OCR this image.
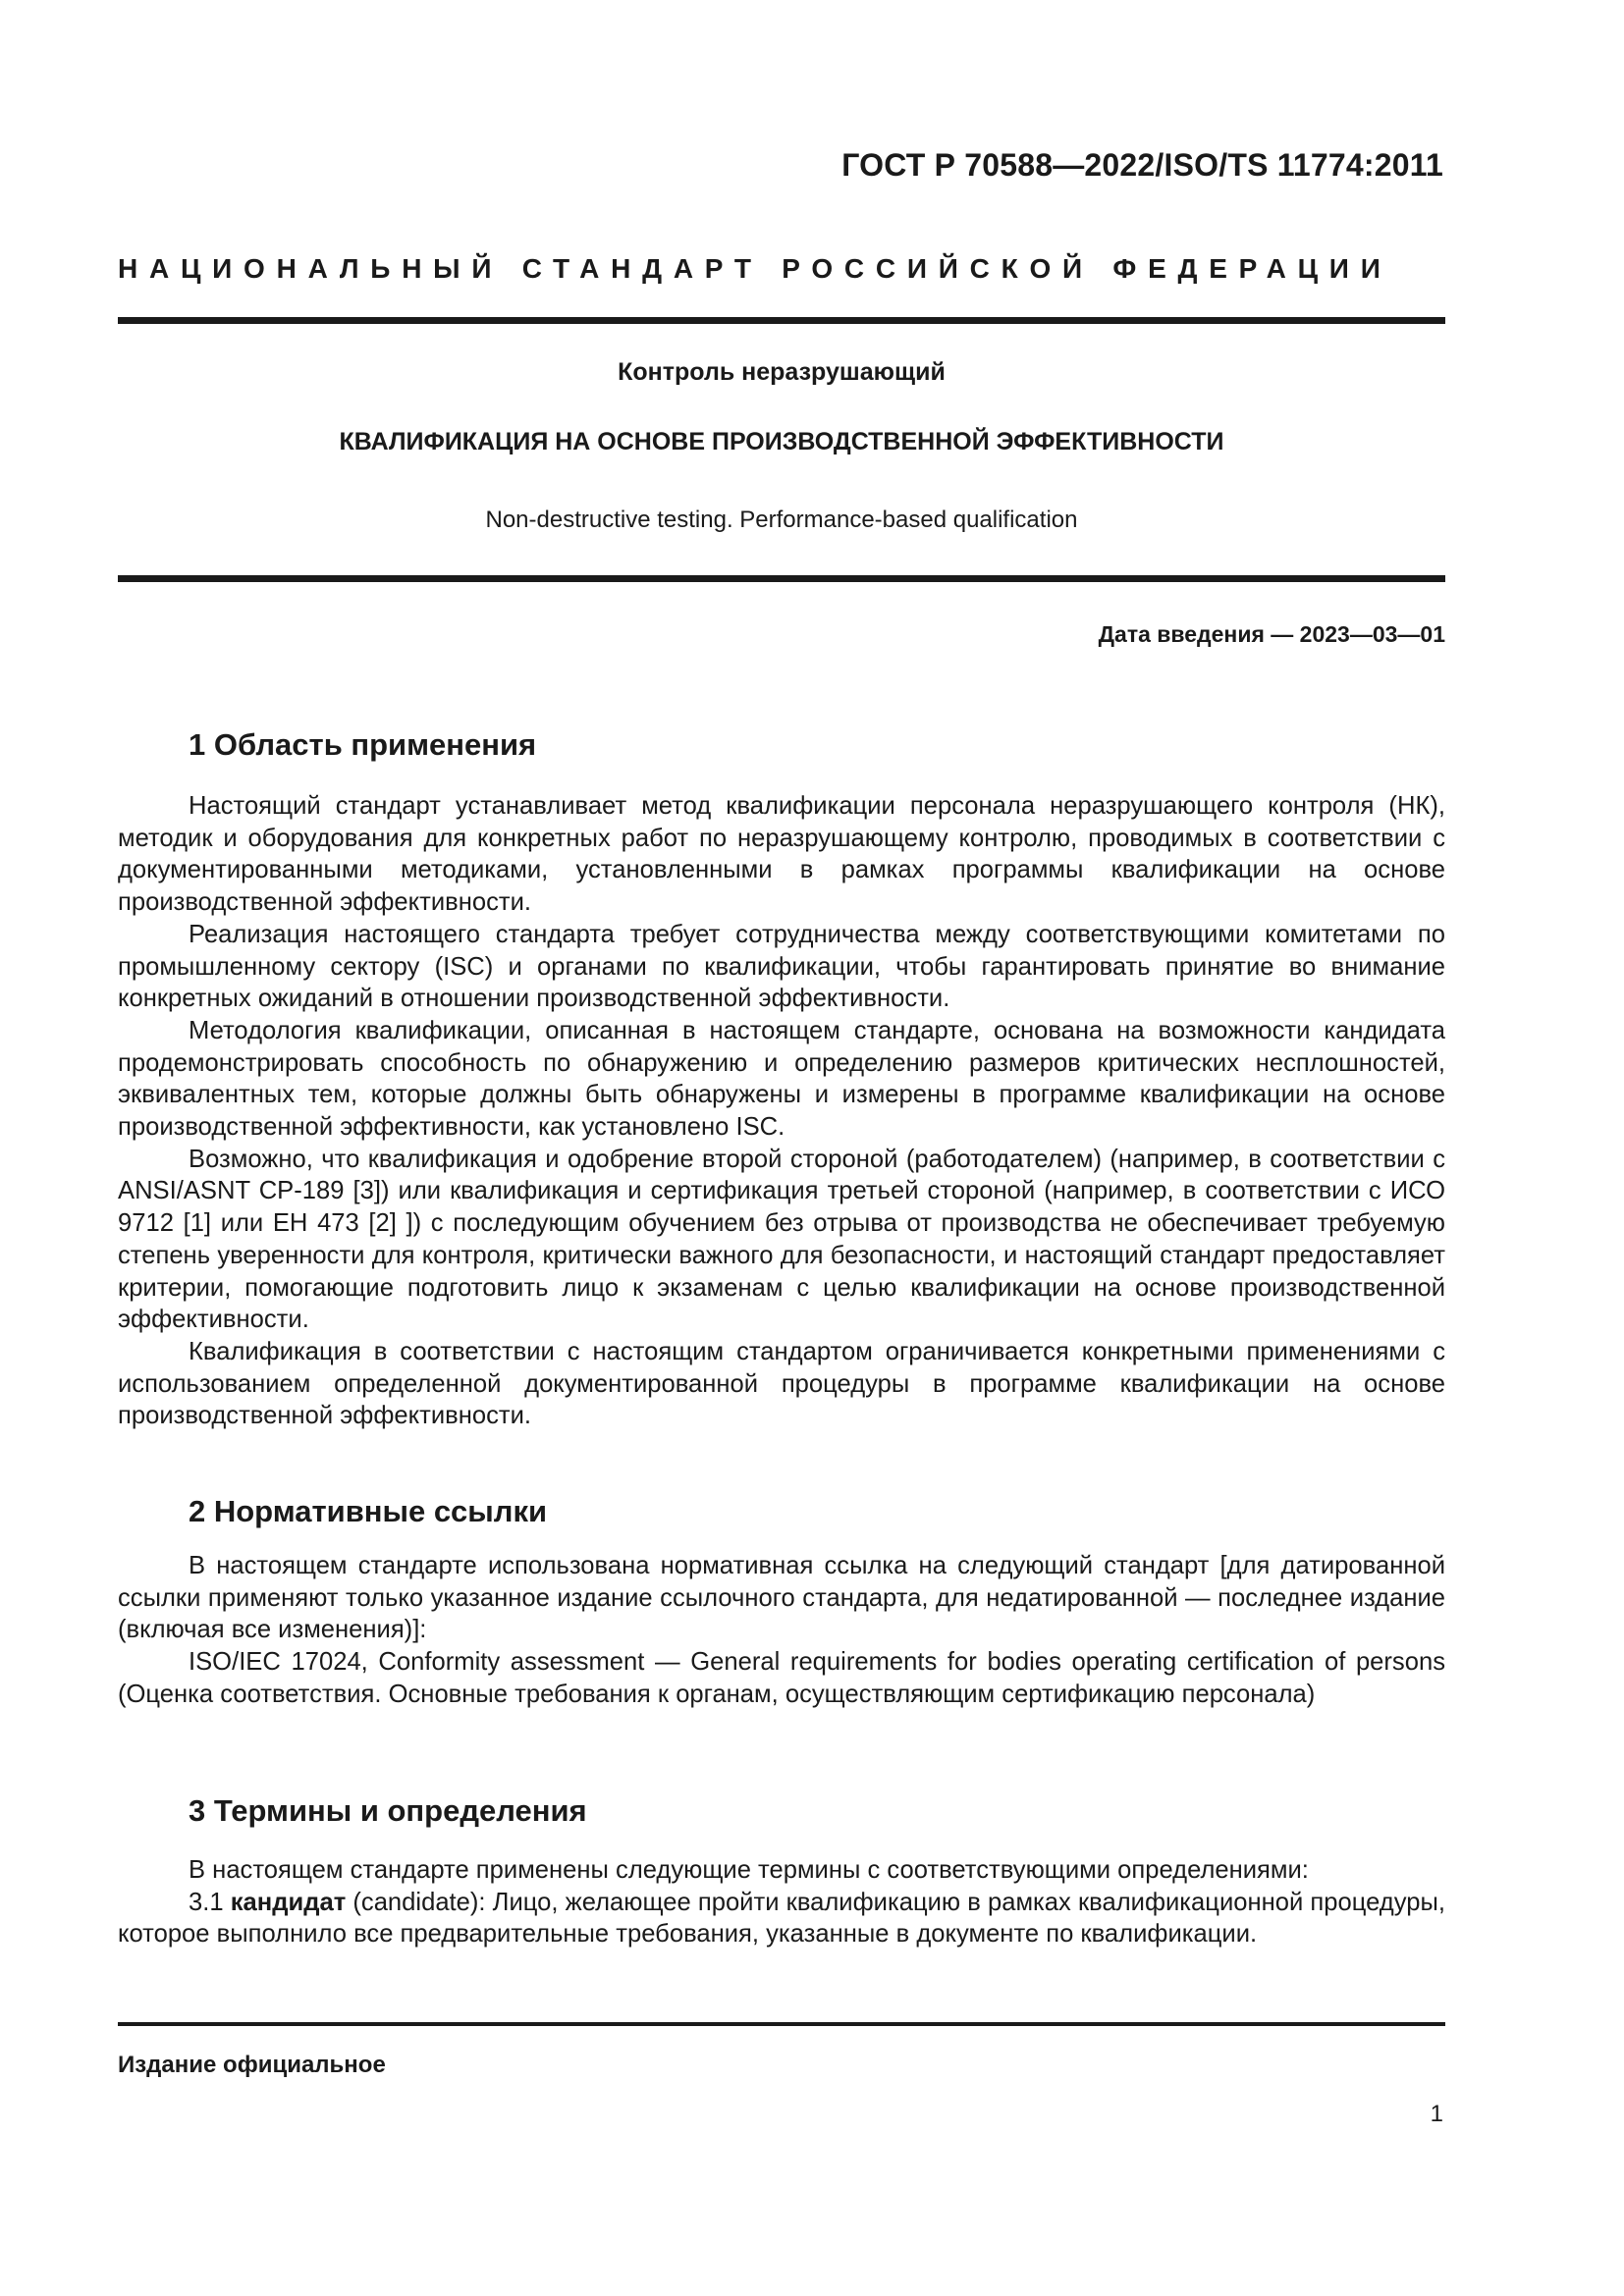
ГОСТ Р 70588—2022/ISO/TS 11774:2011
НАЦИОНАЛЬНЫЙ СТАНДАРТ РОССИЙСКОЙ ФЕДЕРАЦИИ
Контроль неразрушающий
КВАЛИФИКАЦИЯ НА ОСНОВЕ ПРОИЗВОДСТВЕННОЙ ЭФФЕКТИВНОСТИ
Non-destructive testing. Performance-based qualification
Дата введения — 2023—03—01
1 Область применения

Настоящий стандарт устанавливает метод квалификации персонала неразрушающего контроля (НК), методик и оборудования для конкретных работ по неразрушающему контролю, проводимых в соответствии с документированными методиками, установленными в рамках программы квалификации на основе производственной эффективности.

Реализация настоящего стандарта требует сотрудничества между соответствующими комитетами по промышленному сектору (ISC) и органами по квалификации, чтобы гарантировать принятие во внимание конкретных ожиданий в отношении производственной эффективности.

Методология квалификации, описанная в настоящем стандарте, основана на возможности кандидата продемонстрировать способность по обнаружению и определению размеров критических несплошностей, эквивалентных тем, которые должны быть обнаружены и измерены в программе квалификации на основе производственной эффективности, как установлено ISC.

Возможно, что квалификация и одобрение второй стороной (работодателем) (например, в соответствии с ANSI/ASNT CP-189 [3]) или квалификация и сертификация третьей стороной (например, в соответствии с ИСО 9712 [1] или ЕН 473 [2] ]) с последующим обучением без отрыва от производства не обеспечивает требуемую степень уверенности для контроля, критически важного для безопасности, и настоящий стандарт предоставляет критерии, помогающие подготовить лицо к экзаменам с целью квалификации на основе производственной эффективности.

Квалификация в соответствии с настоящим стандартом ограничивается конкретными применениями с использованием определенной документированной процедуры в программе квалификации на основе производственной эффективности.

2 Нормативные ссылки

В настоящем стандарте использована нормативная ссылка на следующий стандарт [для датированной ссылки применяют только указанное издание ссылочного стандарта, для недатированной — последнее издание (включая все изменения)]:

ISO/IEC 17024, Conformity assessment — General requirements for bodies operating certification of persons (Оценка соответствия. Основные требования к органам, осуществляющим сертификацию персонала)

3 Термины и определения

В настоящем стандарте применены следующие термины с соответствующими определениями:

3.1 кандидат (candidate): Лицо, желающее пройти квалификацию в рамках квалификационной процедуры, которое выполнило все предварительные требования, указанные в документе по квалификации.

Издание официальное
1
